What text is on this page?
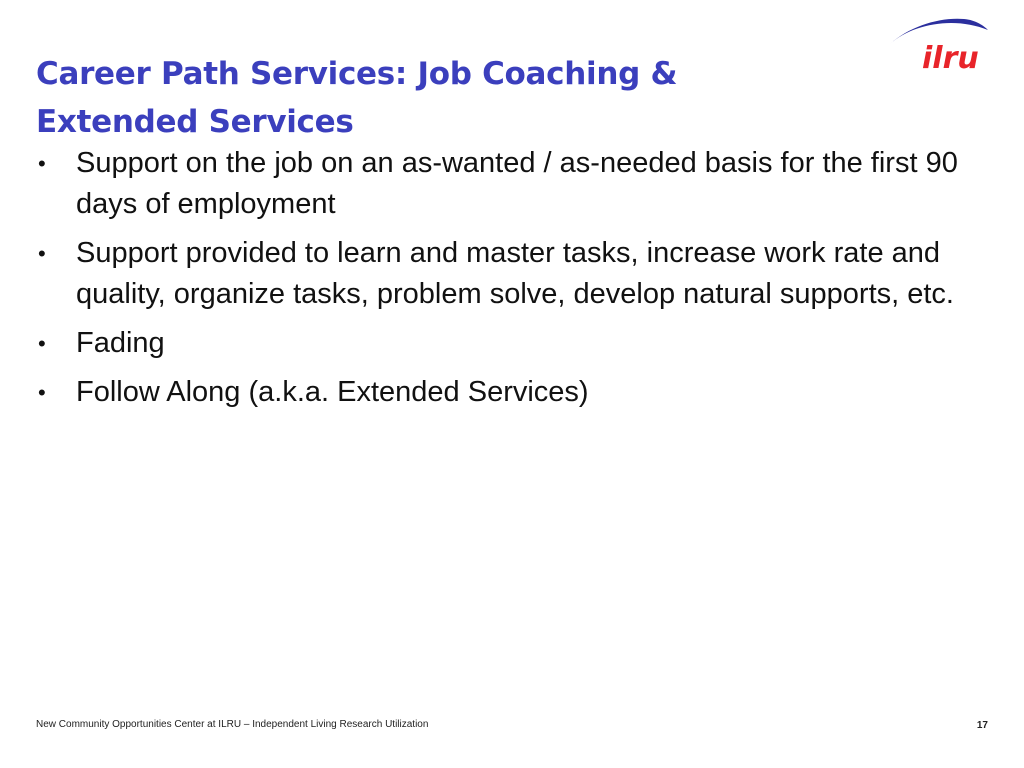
Career Path Services: Job Coaching &
Extended Services
ilru
• Support on the job on an as-wanted / as-needed basis for the first 90 days of employment
• Support provided to learn and master tasks, increase work rate and quality, organize tasks, problem solve, develop natural supports, etc.
• Fading
• Follow Along (a.k.a. Extended Services)
New Community Opportunities Center at ILRU – Independent Living Research Utilization	17
